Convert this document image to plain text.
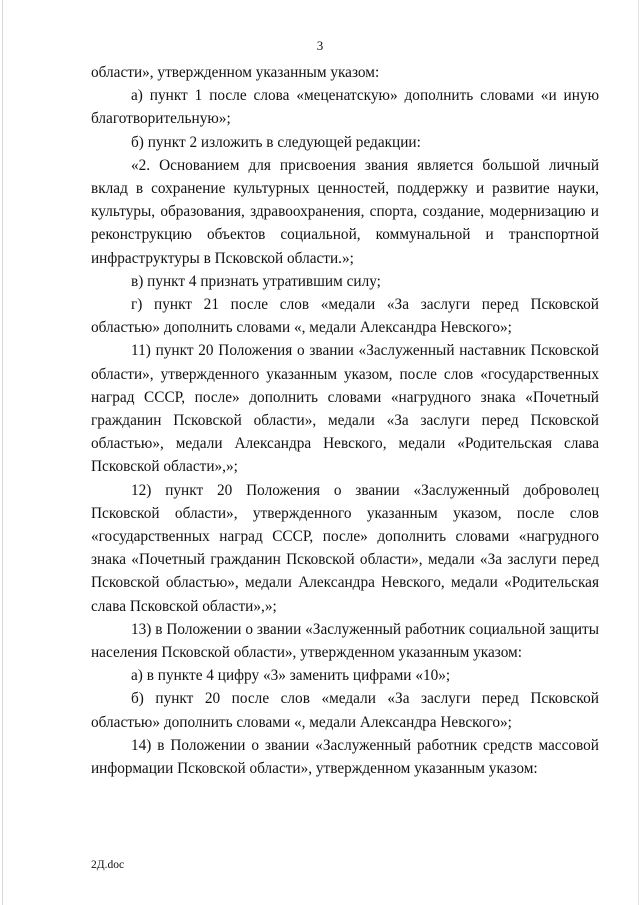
3

области», утвержденном указанным указом:

а) пункт 1 после слова «меценатскую» дополнить словами «и иную благотворительную»;

б) пункт 2 изложить в следующей редакции:

«2. Основанием для присвоения звания является большой личный вклад в сохранение культурных ценностей, поддержку и развитие науки, культуры, образования, здравоохранения, спорта, создание, модернизацию и реконструкцию объектов социальной, коммунальной и транспортной инфраструктуры в Псковской области.»;

в) пункт 4 признать утратившим силу;

г) пункт 21 после слов «медали «За заслуги перед Псковской областью» дополнить словами «, медали Александра Невского»;

11) пункт 20 Положения о звании «Заслуженный наставник Псковской области», утвержденного указанным указом, после слов «государственных наград СССР, после» дополнить словами «нагрудного знака «Почетный гражданин Псковской области», медали «За заслуги перед Псковской областью», медали Александра Невского, медали «Родительская слава Псковской области»,»;

12) пункт 20 Положения о звании «Заслуженный доброволец Псковской области», утвержденного указанным указом, после слов «государственных наград СССР, после» дополнить словами «нагрудного знака «Почетный гражданин Псковской области», медали «За заслуги перед Псковской областью», медали Александра Невского, медали «Родительская слава Псковской области»,»;

13) в Положении о звании «Заслуженный работник социальной защиты населения Псковской области», утвержденном указанным указом:

а) в пункте 4 цифру «3» заменить цифрами «10»;

б) пункт 20 после слов «медали «За заслуги перед Псковской областью» дополнить словами «, медали Александра Невского»;

14) в Положении о звании «Заслуженный работник средств массовой информации Псковской области», утвержденном указанным указом:

2Д.doc
